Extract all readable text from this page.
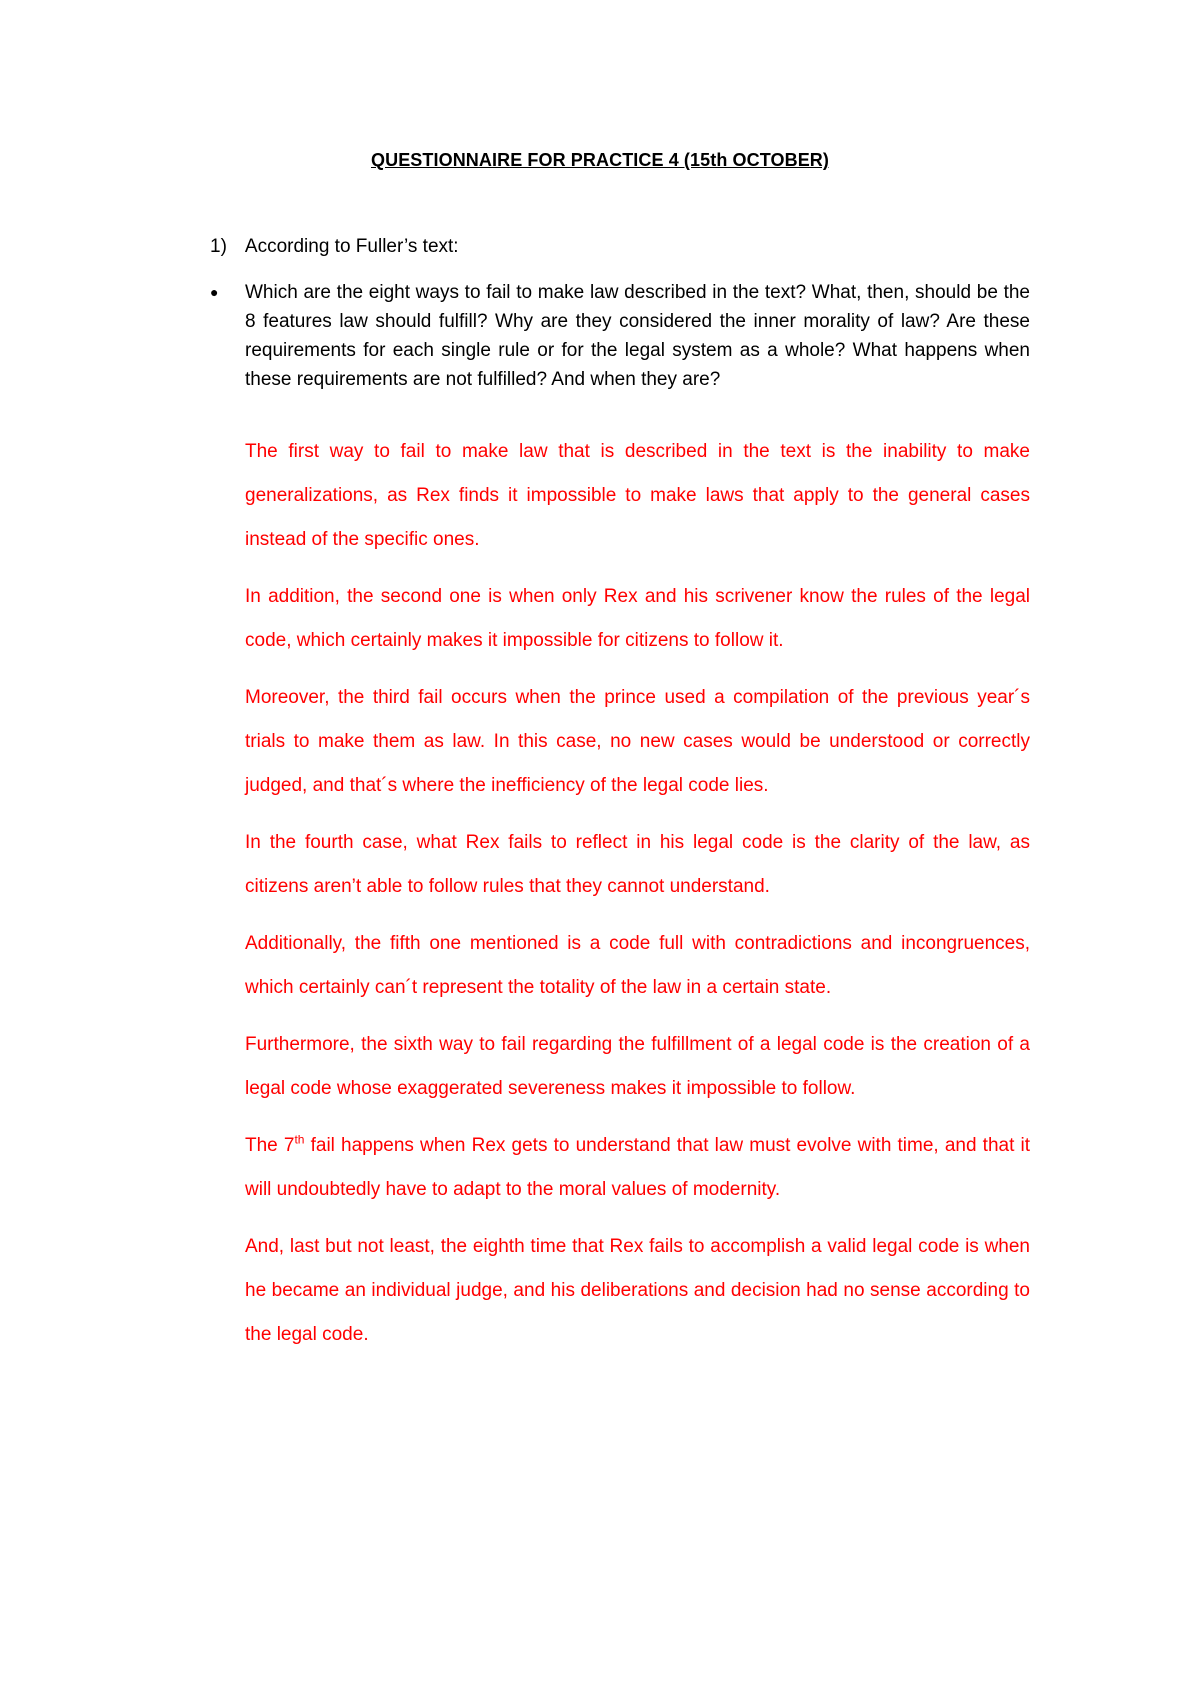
QUESTIONNAIRE FOR PRACTICE 4 (15th OCTOBER)
1) According to Fuller’s text:
●	Which are the eight ways to fail to make law described in the text? What, then, should be the 8 features law should fulfill? Why are they considered the inner morality of law? Are these requirements for each single rule or for the legal system as a whole? What happens when these requirements are not fulfilled? And when they are?

The first way to fail to make law that is described in the text is the inability to make generalizations, as Rex finds it impossible to make laws that apply to the general cases instead of the specific ones.

In addition, the second one is when only Rex and his scrivener know the rules of the legal code, which certainly makes it impossible for citizens to follow it.

Moreover, the third fail occurs when the prince used a compilation of the previous year´s trials to make them as law. In this case, no new cases would be understood or correctly judged, and that´s where the inefficiency of the legal code lies.

In the fourth case, what Rex fails to reflect in his legal code is the clarity of the law, as citizens aren’t able to follow rules that they cannot understand.

Additionally, the fifth one mentioned is a code full with contradictions and incongruences, which certainly can´t represent the totality of the law in a certain state.

Furthermore, the sixth way to fail regarding the fulfillment of a legal code is the creation of a legal code whose exaggerated severeness makes it impossible to follow.

The 7th fail happens when Rex gets to understand that law must evolve with time, and that it will undoubtedly have to adapt to the moral values of modernity.

And, last but not least, the eighth time that Rex fails to accomplish a valid legal code is when he became an individual judge, and his deliberations and decision had no sense according to the legal code.
